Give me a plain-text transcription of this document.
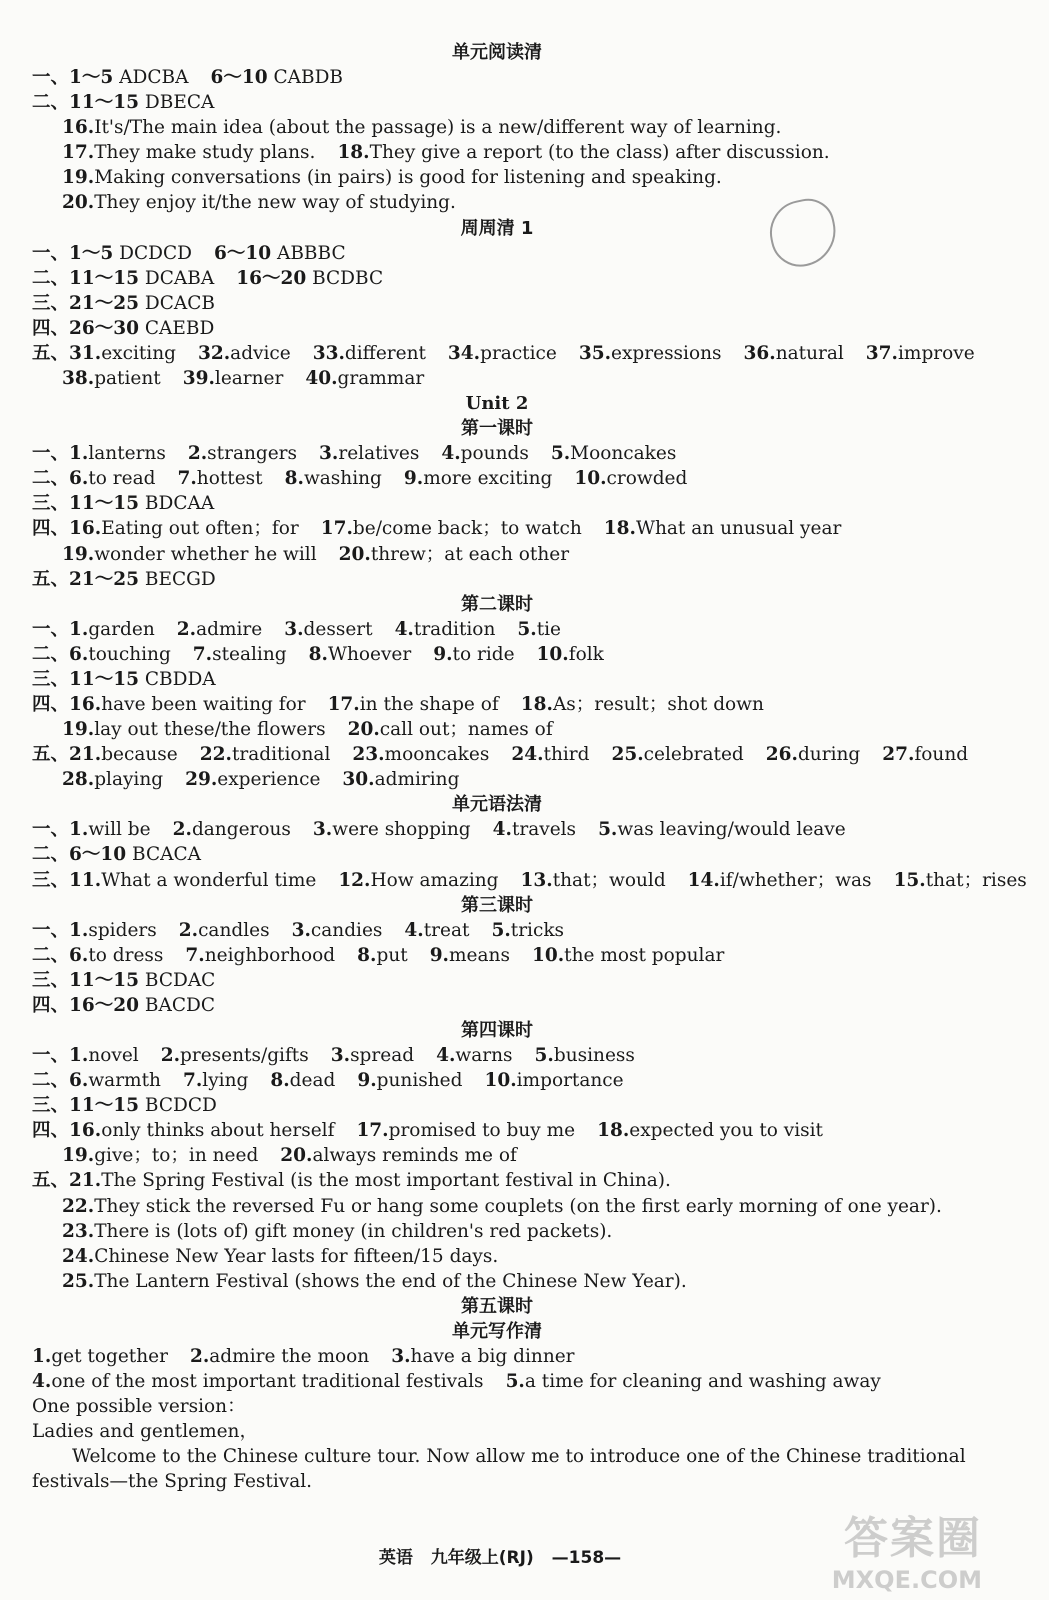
单元阅读清
一、1～5 ADCBA 6～10 CABDB
二、11～15 DBECA
16.It's/The main idea (about the passage) is a new/different way of learning.
17.They make study plans. 18.They give a report (to the class) after discussion.
19.Making conversations (in pairs) is good for listening and speaking.
20.They enjoy it/the new way of studying.
周周清 1
一、1～5 DCDCD 6～10 ABBBC
二、11～15 DCABA 16～20 BCDBC
三、21～25 DCACB
四、26～30 CAEBD
五、31.exciting 32.advice 33.different 34.practice 35.expressions 36.natural 37.improve
38.patient 39.learner 40.grammar
Unit 2
第一课时
一、1.lanterns 2.strangers 3.relatives 4.pounds 5.Mooncakes
二、6.to read 7.hottest 8.washing 9.more exciting 10.crowded
三、11～15 BDCAA
四、16.Eating out often；for 17.be/come back；to watch 18.What an unusual year
19.wonder whether he will 20.threw；at each other
五、21～25 BECGD
第二课时
一、1.garden 2.admire 3.dessert 4.tradition 5.tie
二、6.touching 7.stealing 8.Whoever 9.to ride 10.folk
三、11～15 CBDDA
四、16.have been waiting for 17.in the shape of 18.As；result；shot down
19.lay out these/the flowers 20.call out；names of
五、21.because 22.traditional 23.mooncakes 24.third 25.celebrated 26.during 27.found
28.playing 29.experience 30.admiring
单元语法清
一、1.will be 2.dangerous 3.were shopping 4.travels 5.was leaving/would leave
二、6～10 BCACA
三、11.What a wonderful time 12.How amazing 13.that；would 14.if/whether；was 15.that；rises
第三课时
一、1.spiders 2.candles 3.candies 4.treat 5.tricks
二、6.to dress 7.neighborhood 8.put 9.means 10.the most popular
三、11～15 BCDAC
四、16～20 BACDC
第四课时
一、1.novel 2.presents/gifts 3.spread 4.warns 5.business
二、6.warmth 7.lying 8.dead 9.punished 10.importance
三、11～15 BCDCD
四、16.only thinks about herself 17.promised to buy me 18.expected you to visit
19.give；to；in need 20.always reminds me of
五、21.The Spring Festival (is the most important festival in China).
22.They stick the reversed Fu or hang some couplets (on the first early morning of one year).
23.There is (lots of) gift money (in children's red packets).
24.Chinese New Year lasts for fifteen/15 days.
25.The Lantern Festival (shows the end of the Chinese New Year).
第五课时
单元写作清
1.get together 2.admire the moon 3.have a big dinner
4.one of the most important traditional festivals 5.a time for cleaning and washing away
One possible version：
Ladies and gentlemen，
Welcome to the Chinese culture tour. Now allow me to introduce one of the Chinese traditional
festivals—the Spring Festival.
英语 九年级上(RJ) —158—	答案圈
MXQE.COM
